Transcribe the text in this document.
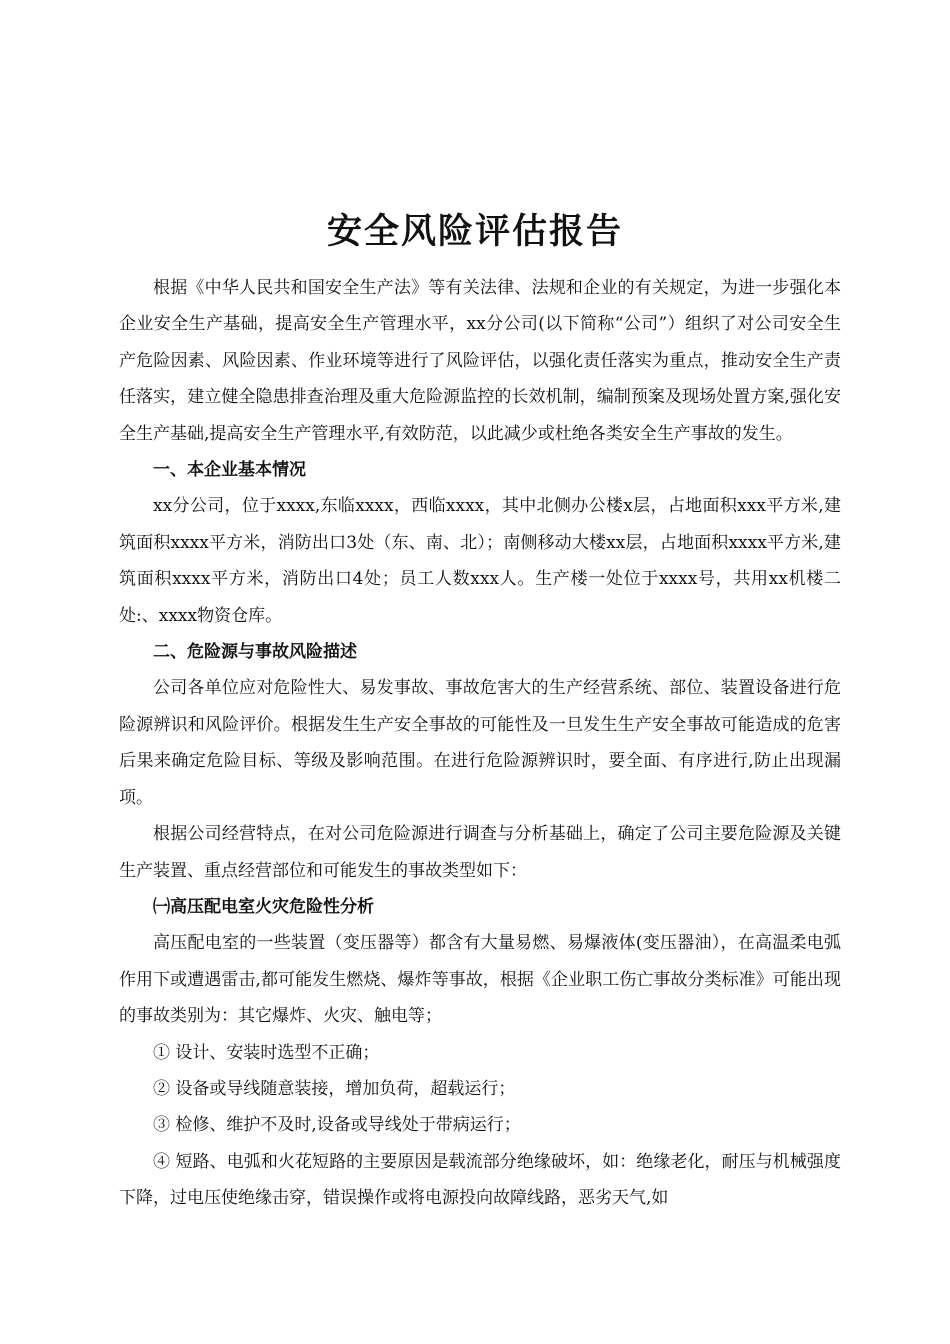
安全风险评估报告

根据《中华人民共和国安全生产法》等有关法律、法规和企业的有关规定，为进一步强化本企业安全生产基础，提高安全生产管理水平，xx分公司(以下简称“公司”）组织了对公司安全生产危险因素、风险因素、作业环境等进行了风险评估，以强化责任落实为重点，推动安全生产责任落实，建立健全隐患排查治理及重大危险源监控的长效机制，编制预案及现场处置方案,强化安全生产基础,提高安全生产管理水平,有效防范，以此减少或杜绝各类安全生产事故的发生。

一、本企业基本情况

xx分公司，位于xxxx,东临xxxx，西临xxxx，其中北侧办公楼x层，占地面积xxx平方米,建筑面积xxxx平方米，消防出口3处（东、南、北）；南侧移动大楼xx层，占地面积xxxx平方米,建筑面积xxxx平方米，消防出口4处；员工人数xxx人。生产楼一处位于xxxx号，共用xx机楼二处:、xxxx物资仓库。

二、危险源与事故风险描述

公司各单位应对危险性大、易发事故、事故危害大的生产经营系统、部位、装置设备进行危险源辨识和风险评价。根据发生生产安全事故的可能性及一旦发生生产安全事故可能造成的危害后果来确定危险目标、等级及影响范围。在进行危险源辨识时，要全面、有序进行,防止出现漏项。

根据公司经营特点，在对公司危险源进行调查与分析基础上，确定了公司主要危险源及关键生产装置、重点经营部位和可能发生的事故类型如下：

㈠高压配电室火灾危险性分析

高压配电室的一些装置（变压器等）都含有大量易燃、易爆液体(变压器油），在高温柔电弧作用下或遭遇雷击,都可能发生燃烧、爆炸等事故，根据《企业职工伤亡事故分类标准》可能出现的事故类别为：其它爆炸、火灾、触电等；

① 设计、安装时选型不正确；

② 设备或导线随意装接，增加负荷，超载运行；

③ 检修、维护不及时,设备或导线处于带病运行；

④ 短路、电弧和火花短路的主要原因是载流部分绝缘破坏，如：绝缘老化，耐压与机械强度下降，过电压使绝缘击穿，错误操作或将电源投向故障线路，恶劣天气,如
